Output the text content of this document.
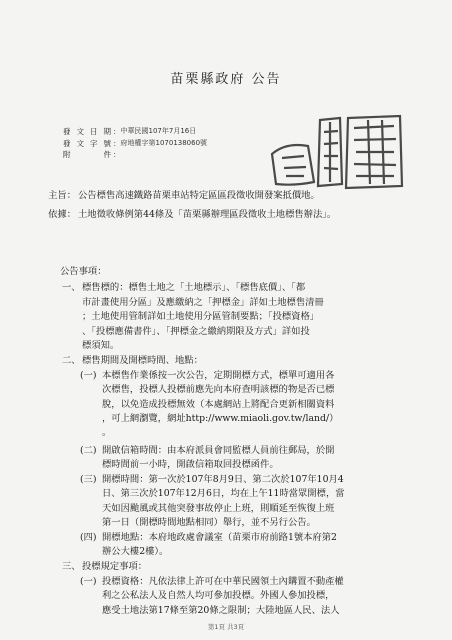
苗栗縣政府 公告
發文日期 ： 中華民國107年7月16日
發文字號 ： 府地權字第1070138060號
附件 ：
主旨： 公告標售高速鐵路苗栗車站特定區區段徵收開發案抵價地。
依據： 土地徵收條例第44條及「苗栗縣辦理區段徵收土地標售辦法」。
公告事項：
一、 標售標的：標售土地之「土地標示」、「標售底價」、「都
市計畫使用分區」及應繳納之「押標金」詳如土地標售清冊
；土地使用管制詳如土地使用分區管制要點；「投標資格」
、「投標應備書件」、「押標金之繳納期限及方式」詳如投
標須知。
二、 標售期間及開標時間、地點：
(一) 本標售作業係按一次公告，定期開標方式，標單可適用各
次標售，投標人投標前應先向本府查明該標的物是否已標
脫，以免造成投標無效（本處網站上將配合更新相關資料
，可上網瀏覽，網址http://www.miaoli.gov.tw/land/）
。
(二) 開啟信箱時間：由本府派員會同監標人員前往郵局，於開
標時間前一小時，開啟信箱取回投標函件。
(三) 開標時間：第一次於107年8月9日、第二次於107年10月4
日、第三次於107年12月6日，均在上午11時當眾開標，當
天如因颱風或其他突發事故停止上班，則順延至恢復上班
第一日（開標時間地點相同）舉行，並不另行公告。
(四) 開標地點：本府地政處會議室（苗栗市府前路1號本府第2
辦公大樓2樓）。
三、 投標規定事項：
(一) 投標資格：凡依法律上許可在中華民國領土內購置不動產權
利之公私法人及自然人均可參加投標。外國人參加投標，
應受土地法第17條至第20條之限制；大陸地區人民、法人
第1頁 共3頁
